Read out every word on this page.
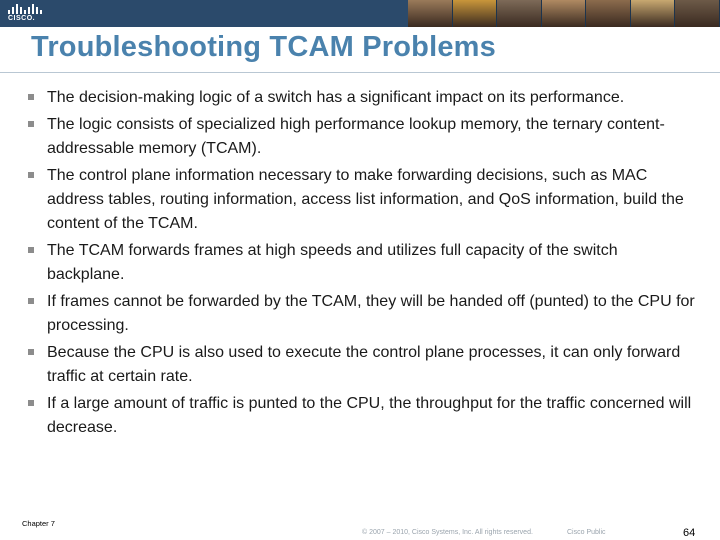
CISCO.
Troubleshooting TCAM Problems
The decision-making logic of a switch has a significant impact on its performance.
The logic consists of specialized high performance lookup memory, the ternary content-addressable memory (TCAM).
The control plane information necessary to make forwarding decisions, such as MAC address tables, routing information, access list information, and QoS information, build the content of the TCAM.
The TCAM forwards frames at high speeds and utilizes full capacity of the switch backplane.
If frames cannot be forwarded by the TCAM, they will be handed off (punted) to the CPU for processing.
Because the CPU is also used to execute the control plane processes, it can only forward traffic at certain rate.
If a large amount of traffic is punted to the CPU, the throughput for the traffic concerned will decrease.
Chapter 7
© 2007 – 2010, Cisco Systems, Inc. All rights reserved.	Cisco Public	64
